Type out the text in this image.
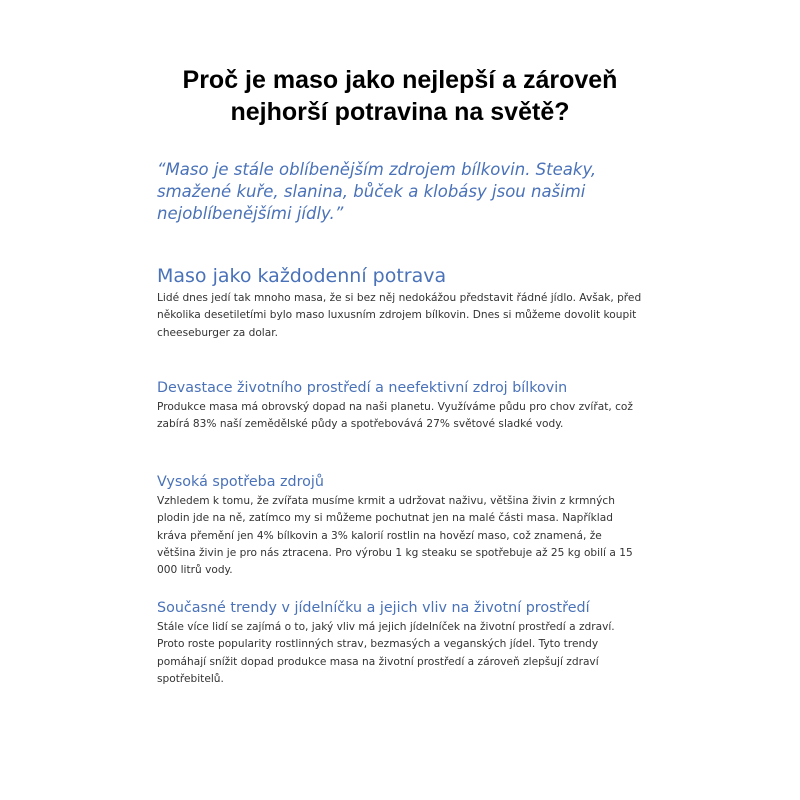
Proč je maso jako nejlepší a zároveň nejhorší potravina na světě?
“Maso je stále oblíbenějším zdrojem bílkovin. Steaky, smažené kuře, slanina, bůček a klobásy jsou našimi nejoblíbenějšími jídly.”
Maso jako každodenní potrava

Lidé dnes jedí tak mnoho masa, že si bez něj nedokážou představit řádné jídlo. Avšak, před několika desetiletími bylo maso luxusním zdrojem bílkovin. Dnes si můžeme dovolit koupit cheeseburger za dolar.

Devastace životního prostředí a neefektivní zdroj bílkovin

Produkce masa má obrovský dopad na naši planetu. Využíváme půdu pro chov zvířat, což zabírá 83% naší zemědělské půdy a spotřebovává 27% světové sladké vody.

Vysoká spotřeba zdrojů

Vzhledem k tomu, že zvířata musíme krmit a udržovat naživu, většina živin z krmných plodin jde na ně, zatímco my si můžeme pochutnat jen na malé části masa. Například kráva přemění jen 4% bílkovin a 3% kalorií rostlin na hovězí maso, což znamená, že většina živin je pro nás ztracena. Pro výrobu 1 kg steaku se spotřebuje až 25 kg obilí a 15 000 litrů vody.

Současné trendy v jídelníčku a jejich vliv na životní prostředí

Stále více lidí se zajímá o to, jaký vliv má jejich jídelníček na životní prostředí a zdraví. Proto roste popularity rostlinných strav, bezmasých a veganských jídel. Tyto trendy pomáhají snížit dopad produkce masa na životní prostředí a zároveň zlepšují zdraví spotřebitelů.
